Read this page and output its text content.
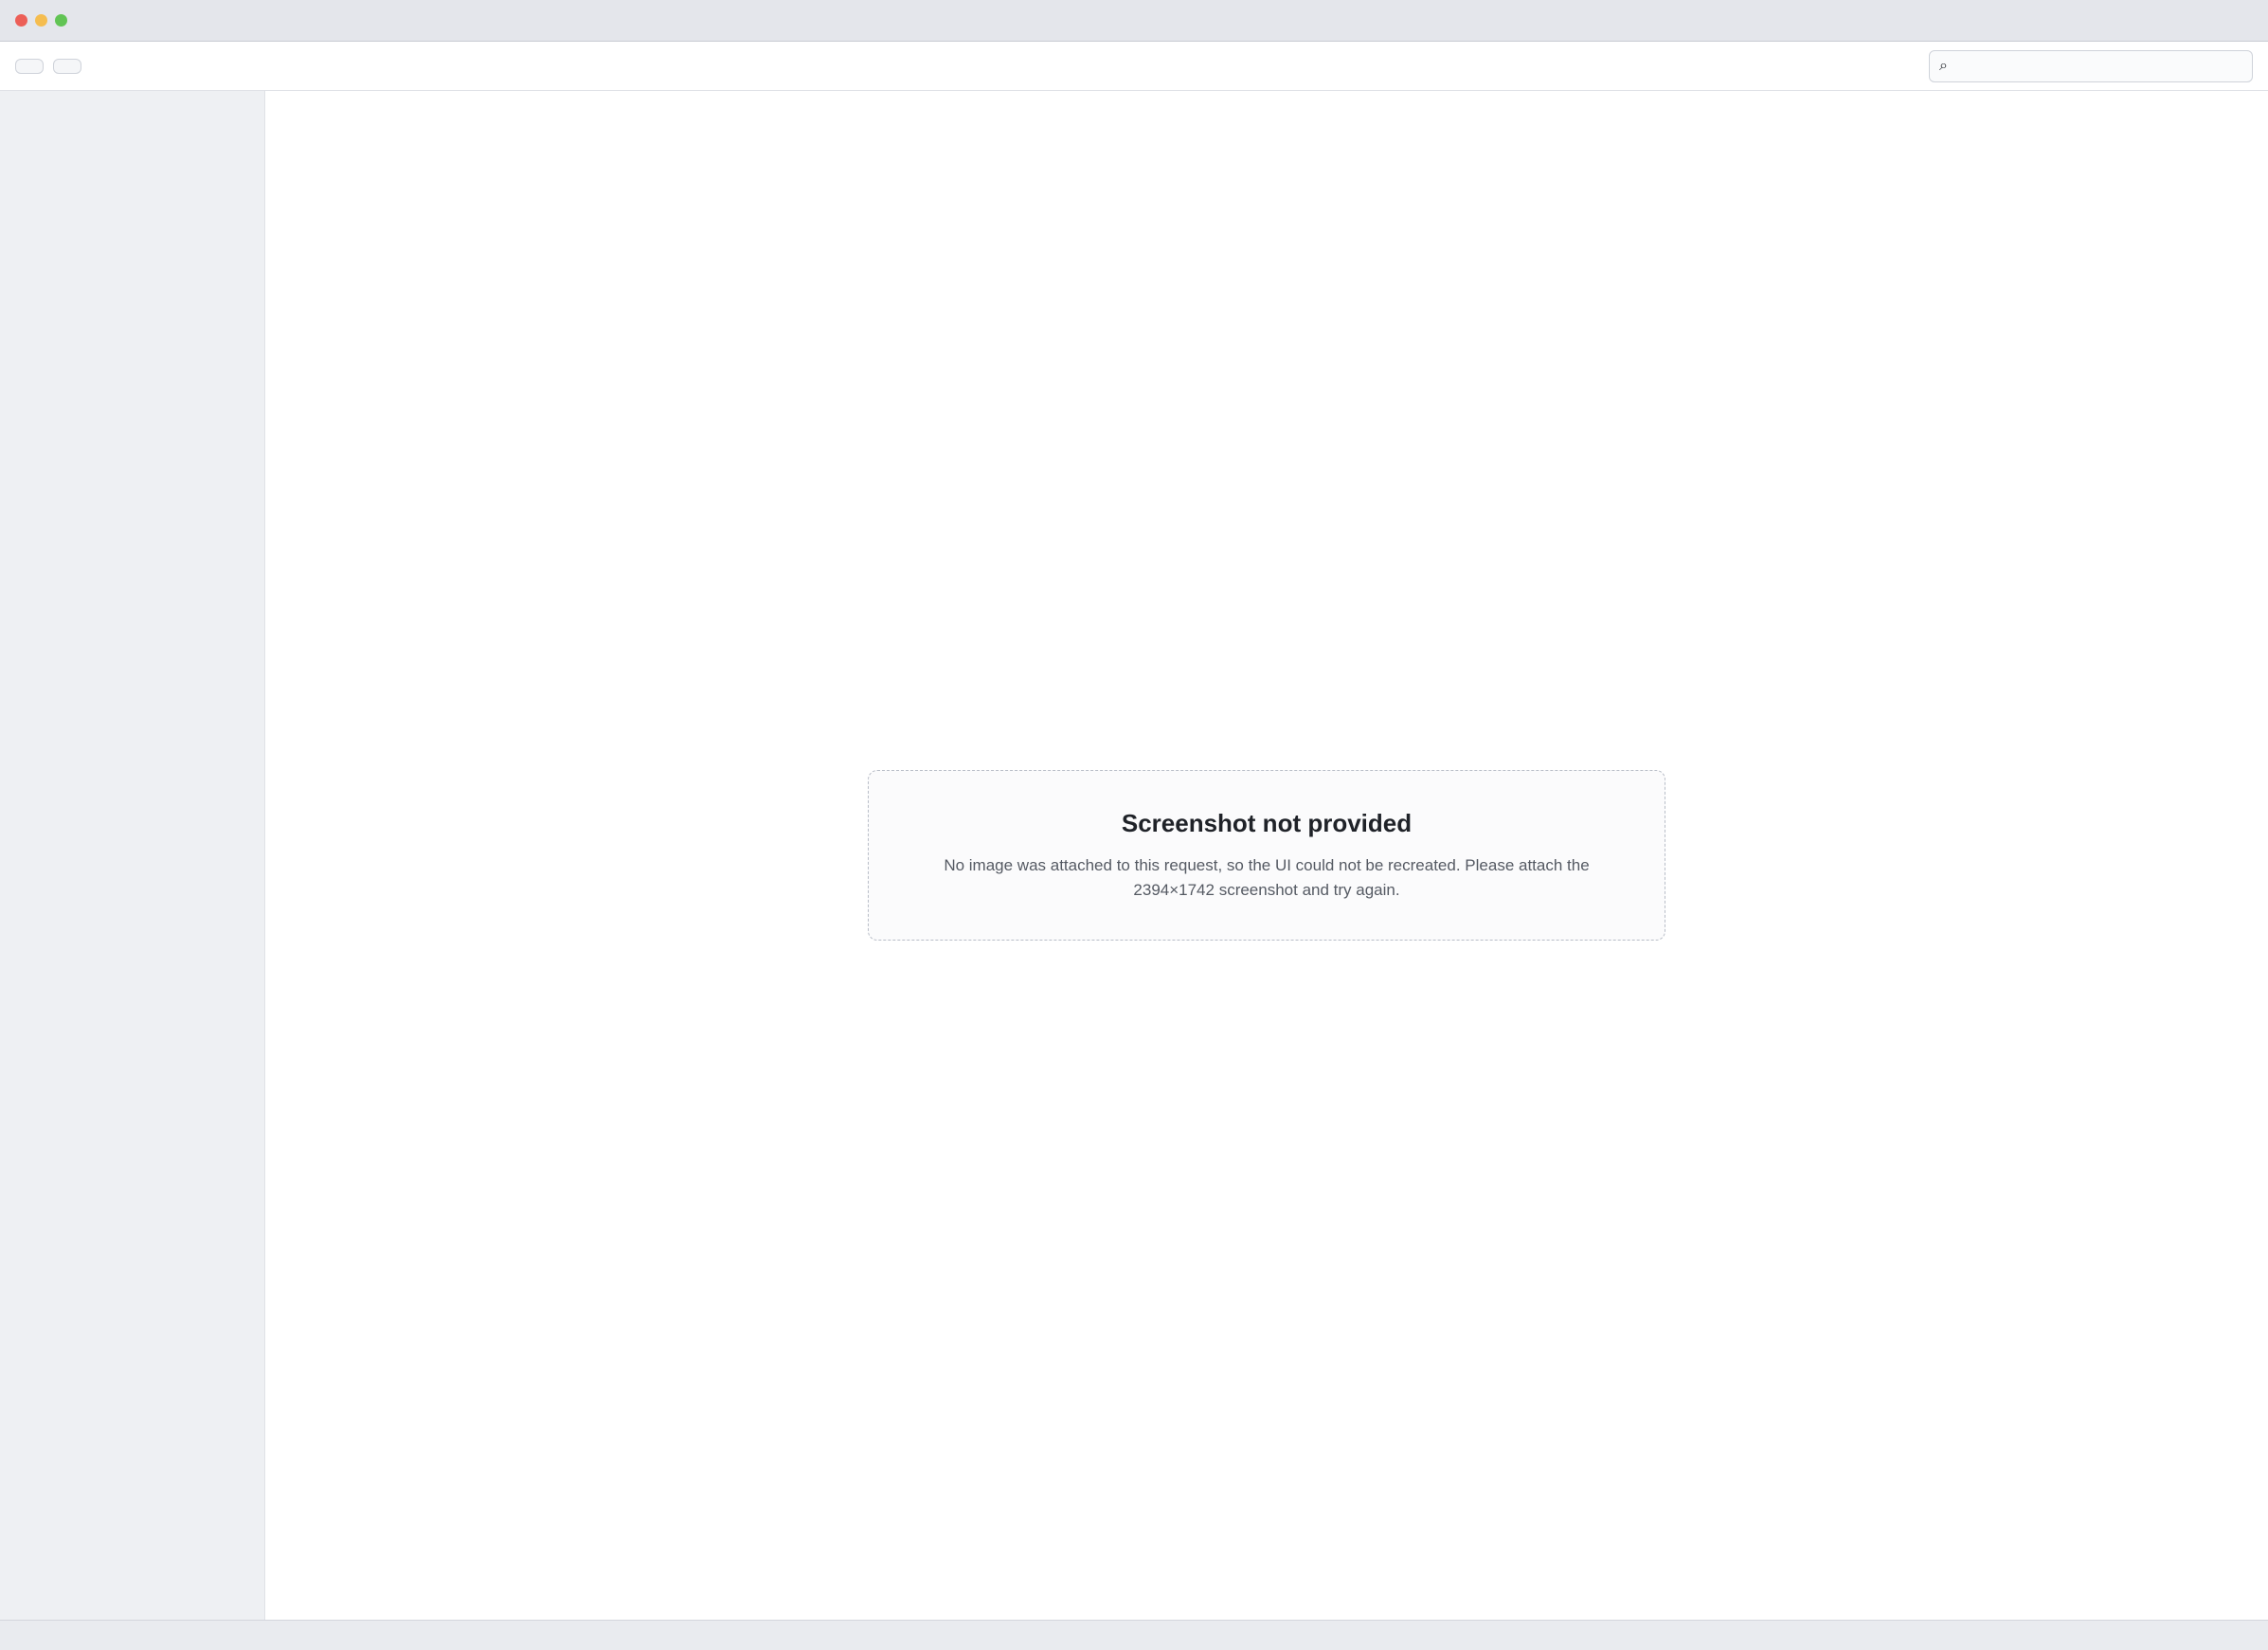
⌕
Screenshot not provided

No image was attached to this request, so the UI could not be recreated. Please attach the 2394×1742 screenshot and try again.
